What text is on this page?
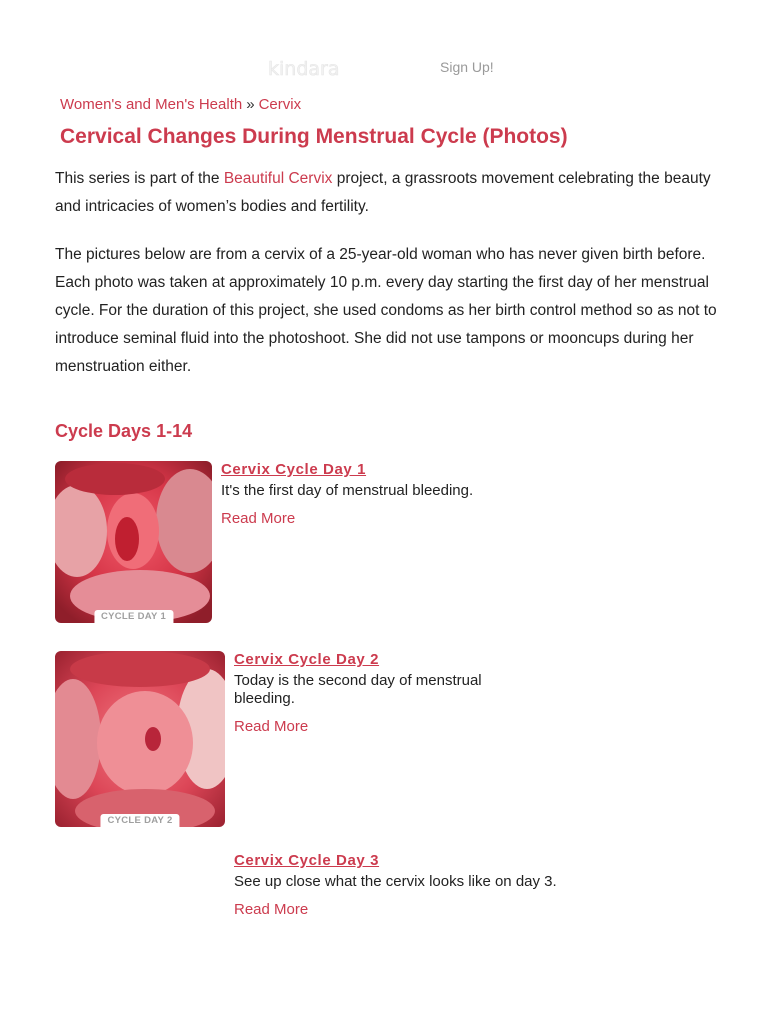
kindara	Sign Up!
Women's and Men's Health » Cervix
Cervical Changes During Menstrual Cycle (Photos)

This series is part of the Beautiful Cervix project, a grassroots movement celebrating the beauty and intricacies of women’s bodies and fertility.

The pictures below are from a cervix of a 25-year-old woman who has never given birth before. Each photo was taken at approximately 10 p.m. every day starting the first day of her menstrual cycle. For the duration of this project, she used condoms as her birth control method so as not to introduce seminal fluid into the photoshoot. She did not use tampons or mooncups during her menstruation either.

Cycle Days 1-14
CYCLE DAY 1
Cervix Cycle Day 1

It's the first day of menstrual bleeding.

Read More
CYCLE DAY 2
Cervix Cycle Day 2

Today is the second day of menstrual bleeding.

Read More
Cervix Cycle Day 3

See up close what the cervix looks like on day 3.

Read More
